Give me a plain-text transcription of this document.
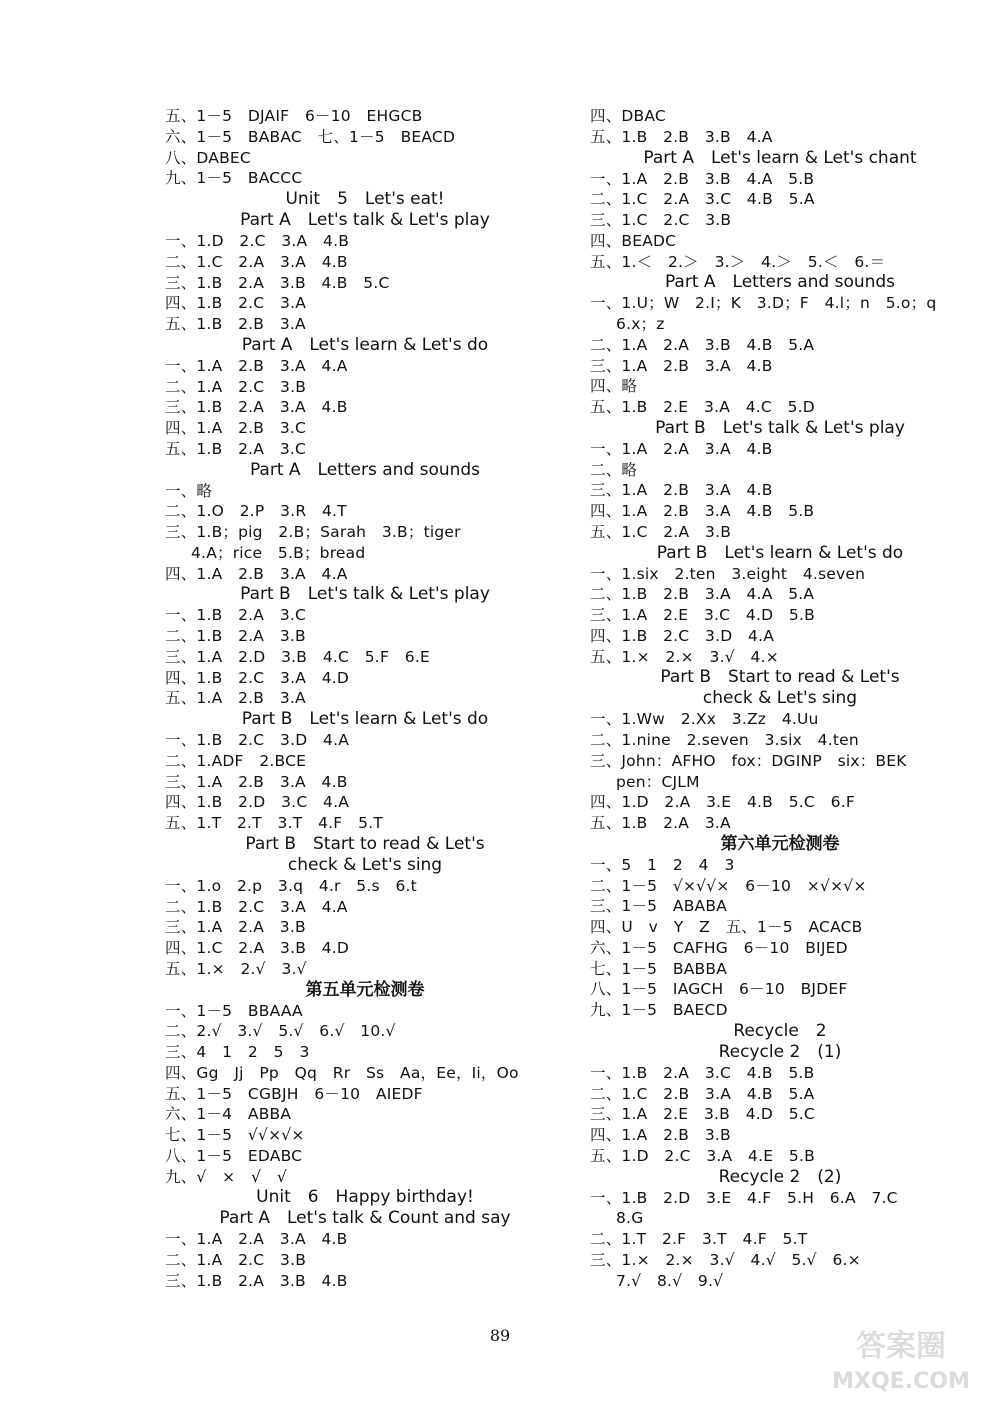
五、1－5　DJAIF　6－10　EHGCB
六、1－5　BABAC　七、1－5　BEACD
八、DABEC
九、1－5　BACCC
Unit　5　Let's eat!
Part A　Let's talk & Let's play
一、1.D　2.C　3.A　4.B
二、1.C　2.A　3.A　4.B
三、1.B　2.A　3.B　4.B　5.C
四、1.B　2.C　3.A
五、1.B　2.B　3.A
Part A　Let's learn & Let's do
一、1.A　2.B　3.A　4.A
二、1.A　2.C　3.B
三、1.B　2.A　3.A　4.B
四、1.A　2.B　3.C
五、1.B　2.A　3.C
Part A　Letters and sounds
一、略
二、1.O　2.P　3.R　4.T
三、1.B；pig　2.B；Sarah　3.B；tiger
4.A；rice　5.B；bread
四、1.A　2.B　3.A　4.A
Part B　Let's talk & Let's play
一、1.B　2.A　3.C
二、1.B　2.A　3.B
三、1.A　2.D　3.B　4.C　5.F　6.E
四、1.B　2.C　3.A　4.D
五、1.A　2.B　3.A
Part B　Let's learn & Let's do
一、1.B　2.C　3.D　4.A
二、1.ADF　2.BCE
三、1.A　2.B　3.A　4.B
四、1.B　2.D　3.C　4.A
五、1.T　2.T　3.T　4.F　5.T
Part B　Start to read & Let's
check & Let's sing
一、1.o　2.p　3.q　4.r　5.s　6.t
二、1.B　2.C　3.A　4.A
三、1.A　2.A　3.B
四、1.C　2.A　3.B　4.D
五、1.×　2.√　3.√
第五单元检测卷
一、1－5　BBAAA
二、2.√　3.√　5.√　6.√　10.√
三、4　1　2　5　3
四、Gg　Jj　Pp　Qq　Rr　Ss　Aa，Ee，Ii，Oo
五、1－5　CGBJH　6－10　AIEDF
六、1－4　ABBA
七、1－5　√√×√×
八、1－5　EDABC
九、√　×　√　√
Unit　6　Happy birthday!
Part A　Let's talk & Count and say
一、1.A　2.A　3.A　4.B
二、1.A　2.C　3.B
三、1.B　2.A　3.B　4.B
四、DBAC
五、1.B　2.B　3.B　4.A
Part A　Let's learn & Let's chant
一、1.A　2.B　3.B　4.A　5.B
二、1.C　2.A　3.C　4.B　5.A
三、1.C　2.C　3.B
四、BEADC
五、1.＜　2.＞　3.＞　4.＞　5.＜　6.＝
Part A　Letters and sounds
一、1.U；W　2.I；K　3.D；F　4.l；n　5.o；q
6.x；z
二、1.A　2.A　3.B　4.B　5.A
三、1.A　2.B　3.A　4.B
四、略
五、1.B　2.E　3.A　4.C　5.D
Part B　Let's talk & Let's play
一、1.A　2.A　3.A　4.B
二、略
三、1.A　2.B　3.A　4.B
四、1.A　2.B　3.A　4.B　5.B
五、1.C　2.A　3.B
Part B　Let's learn & Let's do
一、1.six　2.ten　3.eight　4.seven
二、1.B　2.B　3.A　4.A　5.A
三、1.A　2.E　3.C　4.D　5.B
四、1.B　2.C　3.D　4.A
五、1.×　2.×　3.√　4.×
Part B　Start to read & Let's
check & Let's sing
一、1.Ww　2.Xx　3.Zz　4.Uu
二、1.nine　2.seven　3.six　4.ten
三、John：AFHO　fox：DGINP　six：BEK
pen：CJLM
四、1.D　2.A　3.E　4.B　5.C　6.F
五、1.B　2.A　3.A
第六单元检测卷
一、5　1　2　4　3
二、1－5　√×√√×　6－10　×√×√×
三、1－5　ABABA
四、U　v　Y　Z　五、1－5　ACACB
六、1－5　CAFHG　6－10　BIJED
七、1－5　BABBA
八、1－5　IAGCH　6－10　BJDEF
九、1－5　BAECD
Recycle　2
Recycle 2　(1)
一、1.B　2.A　3.C　4.B　5.B
二、1.C　2.B　3.A　4.B　5.A
三、1.A　2.E　3.B　4.D　5.C
四、1.A　2.B　3.B
五、1.D　2.C　3.A　4.E　5.B
Recycle 2　(2)
一、1.B　2.D　3.E　4.F　5.H　6.A　7.C
8.G
二、1.T　2.F　3.T　4.F　5.T
三、1.×　2.×　3.√　4.√　5.√　6.×
7.√　8.√　9.√
89	答案圈
MXQE.COM
